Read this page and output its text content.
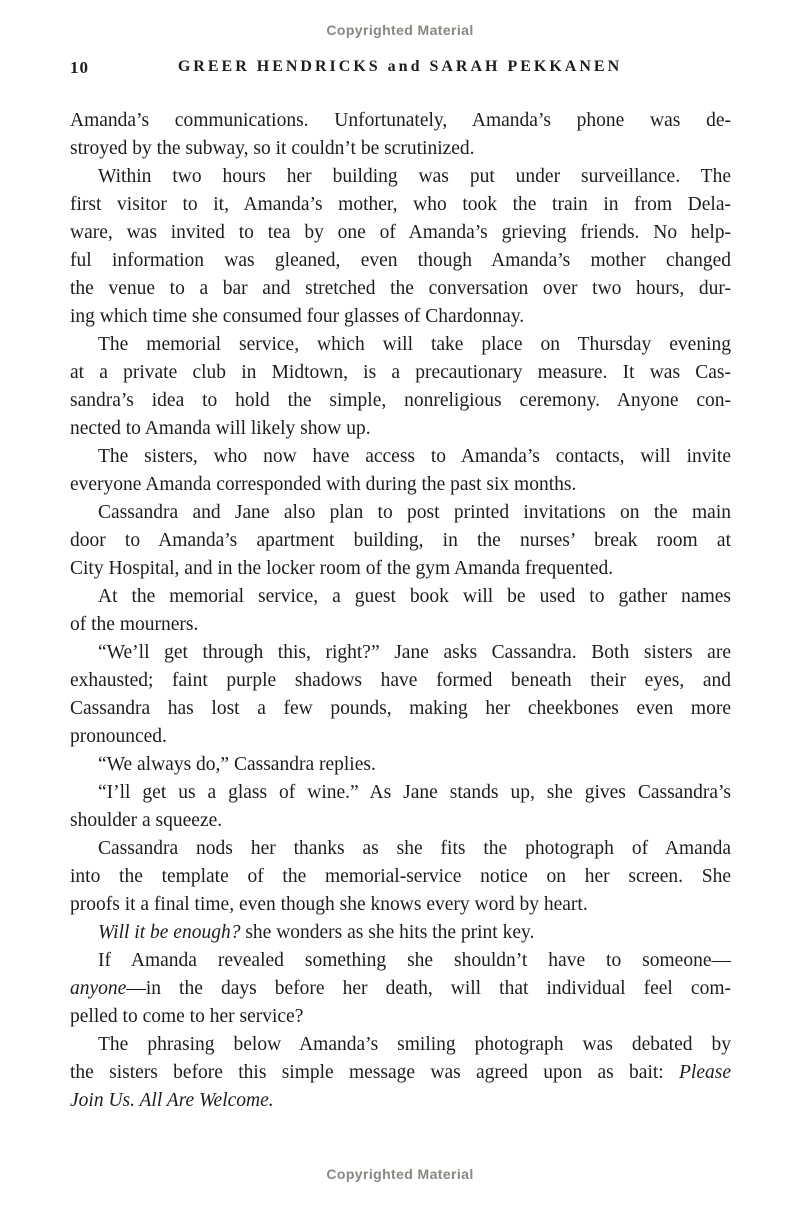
Copyrighted Material
10	GREER HENDRICKS and SARAH PEKKANEN
Amanda’s communications. Unfortunately, Amanda’s phone was de-
stroyed by the subway, so it couldn’t be scrutinized.
Within two hours her building was put under surveillance. The
first visitor to it, Amanda’s mother, who took the train in from Dela-
ware, was invited to tea by one of Amanda’s grieving friends. No help-
ful information was gleaned, even though Amanda’s mother changed
the venue to a bar and stretched the conversation over two hours, dur-
ing which time she consumed four glasses of Chardonnay.
The memorial service, which will take place on Thursday evening
at a private club in Midtown, is a precautionary measure. It was Cas-
sandra’s idea to hold the simple, nonreligious ceremony. Anyone con-
nected to Amanda will likely show up.
The sisters, who now have access to Amanda’s contacts, will invite
everyone Amanda corresponded with during the past six months.
Cassandra and Jane also plan to post printed invitations on the main
door to Amanda’s apartment building, in the nurses’ break room at
City Hospital, and in the locker room of the gym Amanda frequented.
At the memorial service, a guest book will be used to gather names
of the mourners.
“We’ll get through this, right?” Jane asks Cassandra. Both sisters are
exhausted; faint purple shadows have formed beneath their eyes, and
Cassandra has lost a few pounds, making her cheekbones even more
pronounced.
“We always do,” Cassandra replies.
“I’ll get us a glass of wine.” As Jane stands up, she gives Cassandra’s
shoulder a squeeze.
Cassandra nods her thanks as she fits the photograph of Amanda
into the template of the memorial-service notice on her screen. She
proofs it a final time, even though she knows every word by heart.
Will it be enough? she wonders as she hits the print key.
If Amanda revealed something she shouldn’t have to someone—
anyone—in the days before her death, will that individual feel com-
pelled to come to her service?
The phrasing below Amanda’s smiling photograph was debated by
the sisters before this simple message was agreed upon as bait: Please
Join Us. All Are Welcome.
Copyrighted Material
